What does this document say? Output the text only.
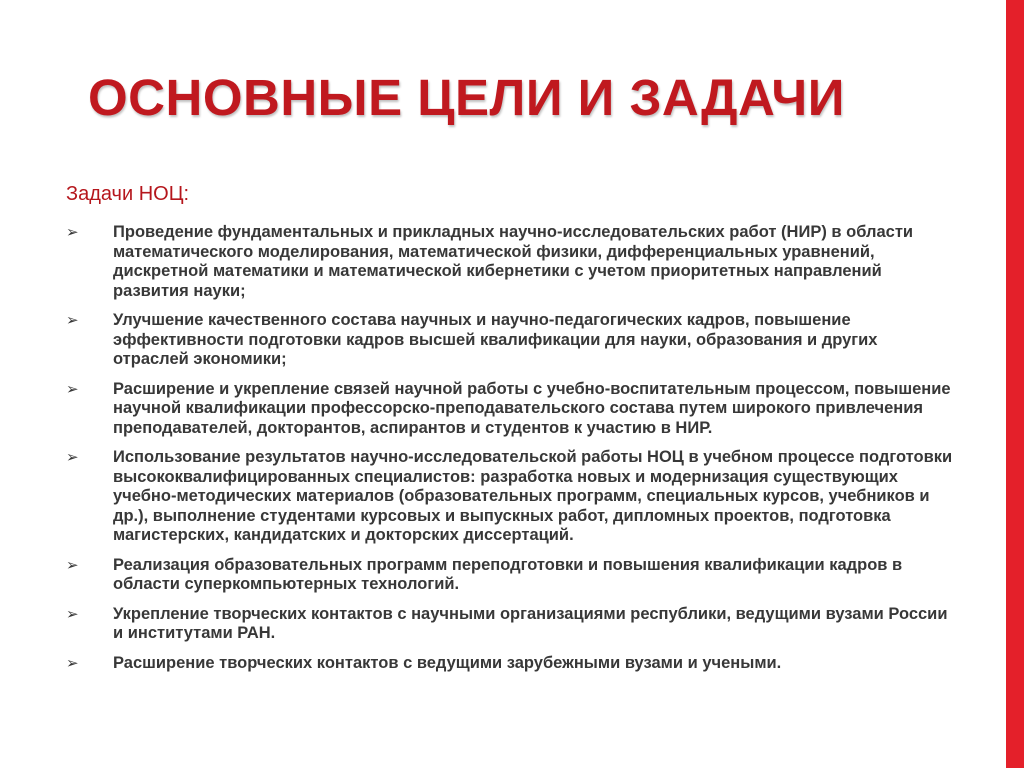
ОСНОВНЫЕ ЦЕЛИ И ЗАДАЧИ
Задачи НОЦ:
➢ Проведение фундаментальных и прикладных научно-исследовательских работ (НИР) в области математического моделирования, математической физики, дифференциальных уравнений, дискретной математики и математической кибернетики с учетом приоритетных направлений развития науки;
➢ Улучшение качественного состава научных и научно-педагогических кадров, повышение эффективности подготовки кадров высшей квалификации для науки, образования и других отраслей экономики;
➢ Расширение и укрепление связей научной работы с учебно-воспитательным процессом, повышение научной квалификации профессорско-преподавательского состава путем широкого привлечения преподавателей, докторантов, аспирантов и студентов к участию в НИР.
➢ Использование результатов научно-исследовательской работы НОЦ в учебном процессе подготовки высококвалифицированных специалистов: разработка новых и модернизация существующих учебно-методических материалов (образовательных программ, специальных курсов, учебников и др.), выполнение студентами курсовых и выпускных работ, дипломных проектов, подготовка магистерских, кандидатских и докторских диссертаций.
➢ Реализация образовательных программ переподготовки и повышения квалификации кадров в области суперкомпьютерных технологий.
➢ Укрепление творческих контактов с научными организациями республики, ведущими вузами России и институтами РАН.
➢ Расширение творческих контактов с ведущими зарубежными вузами и учеными.
